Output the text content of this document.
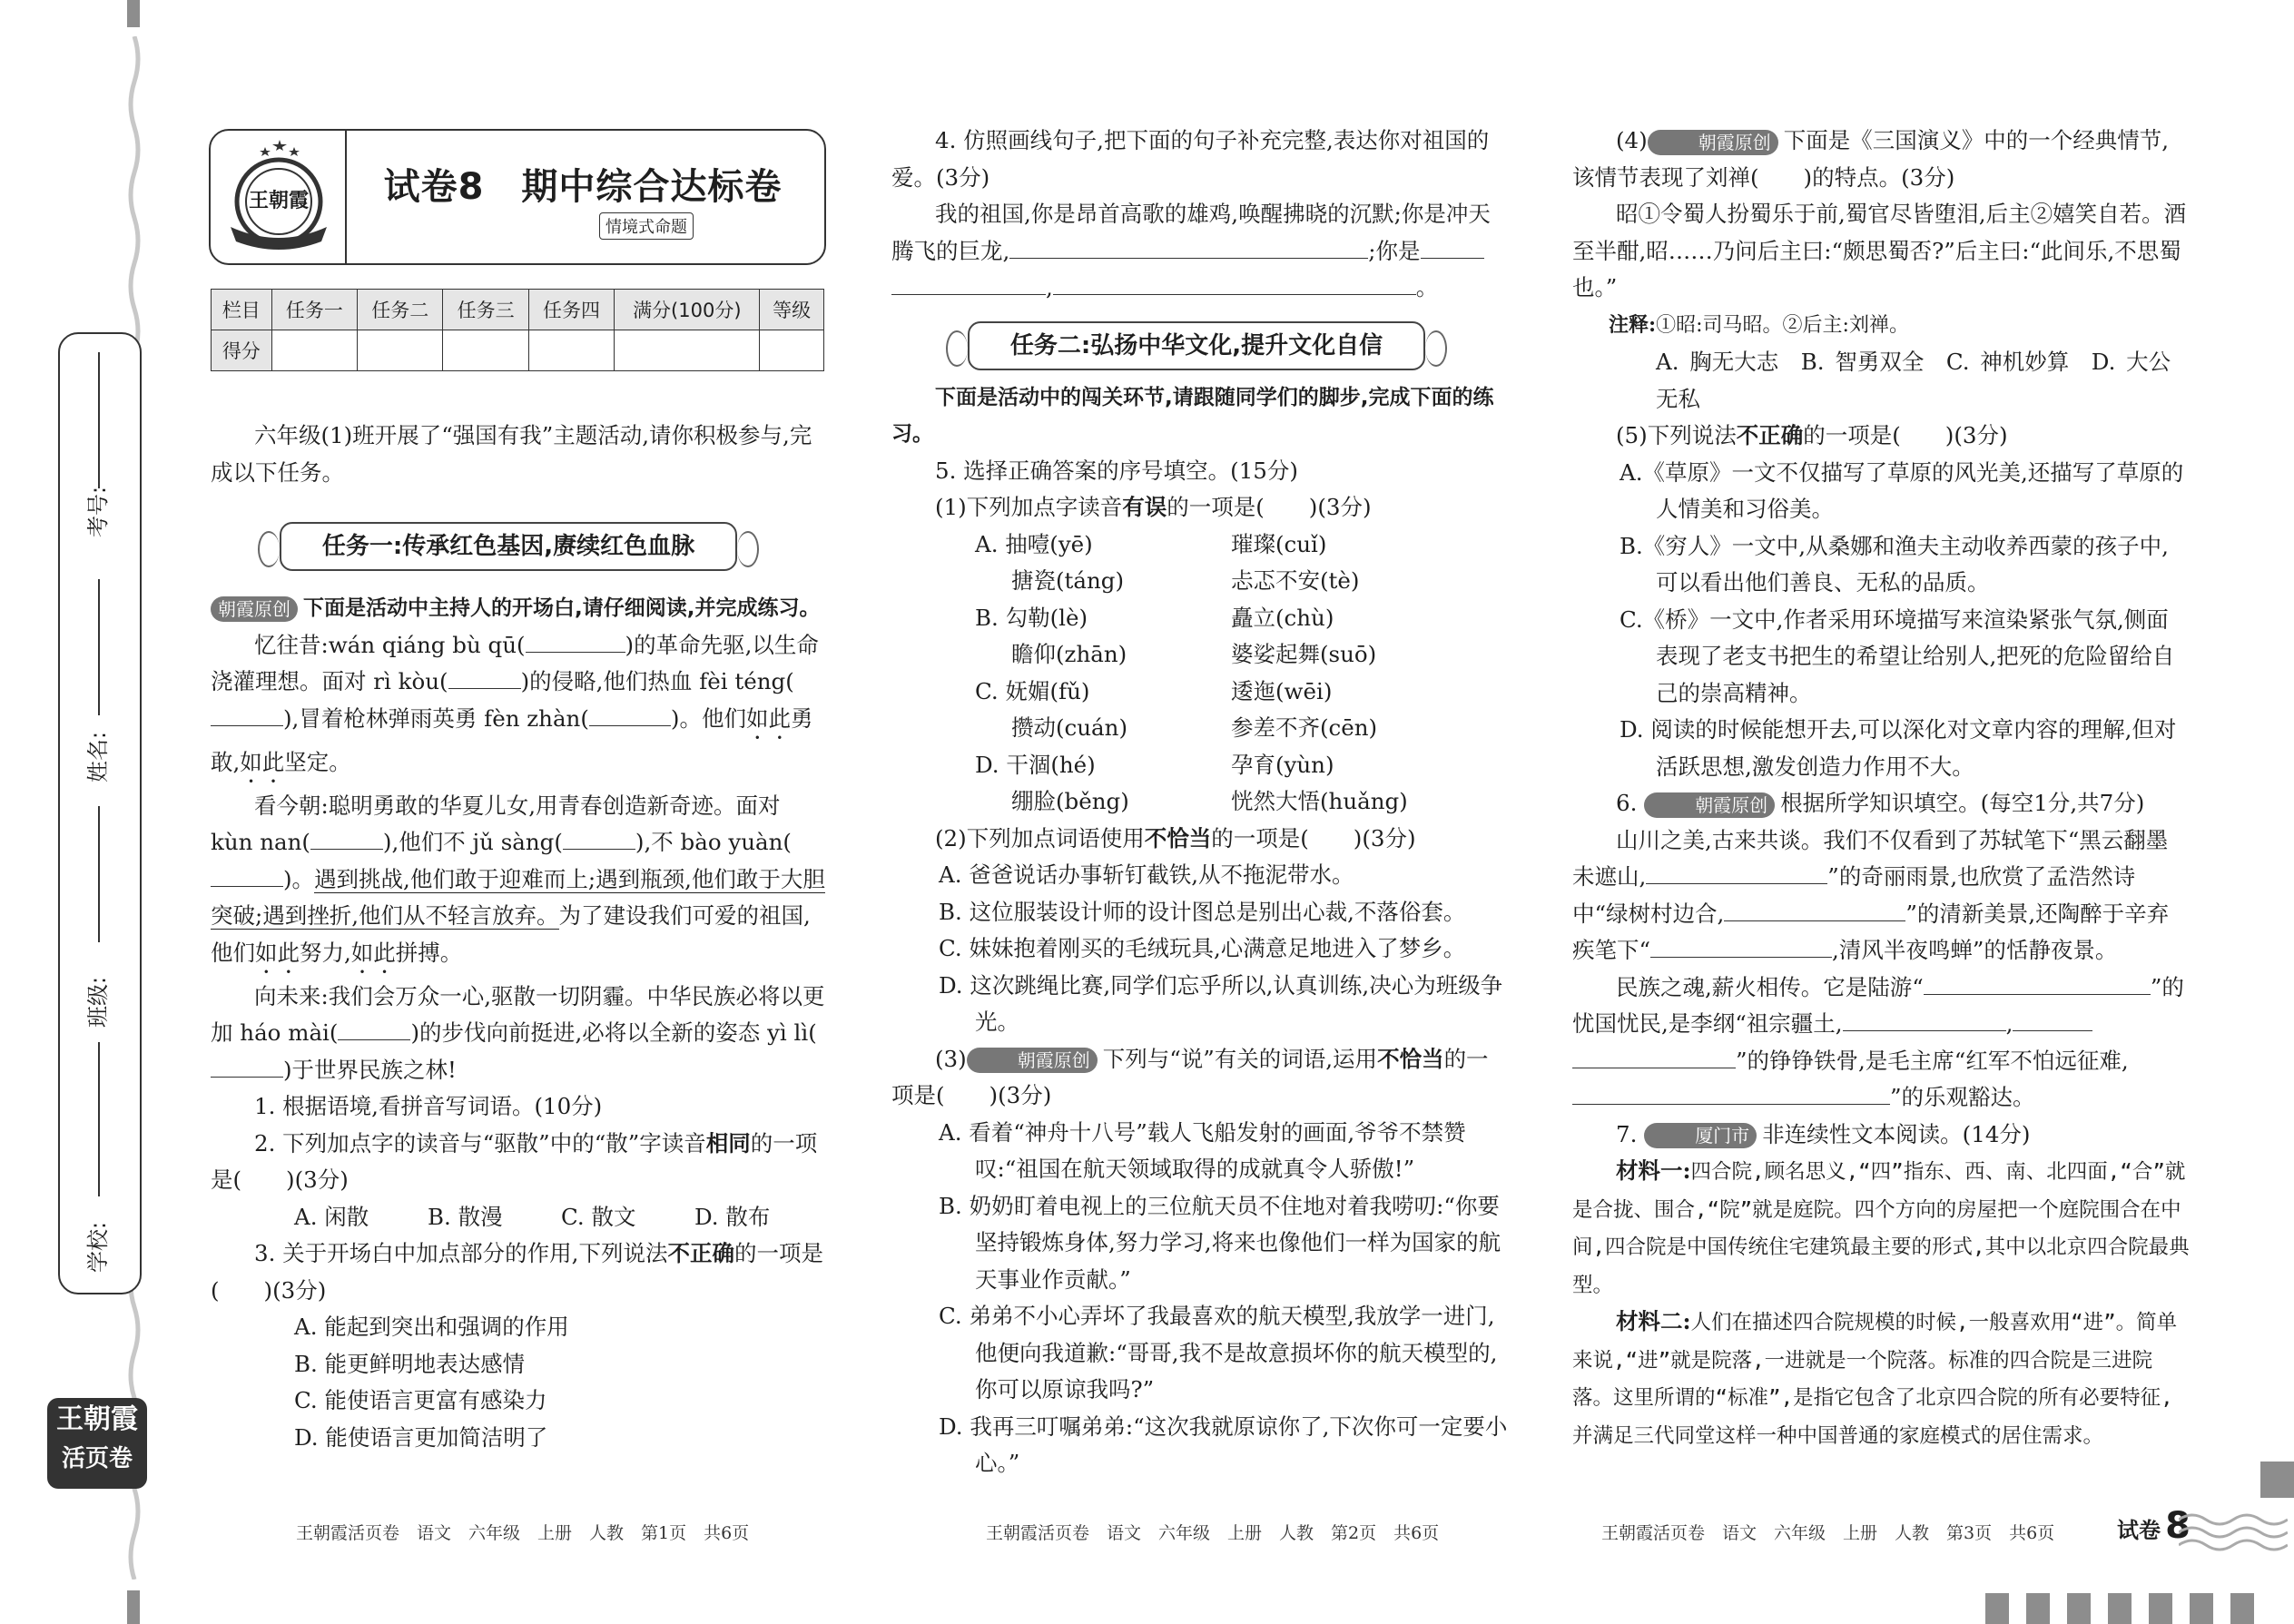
考号:
姓名:
班级:
学校:
王朝霞
活页卷
王朝霞	试卷8　期中综合达标卷
情境式命题
栏目	任务一	任务二	任务三	任务四	满分(100分)	等级
得分						

六年级(1)班开展了“强国有我”主题活动,请你积极参与,完成以下任务。

任务一:传承红色基因,赓续红色血脉

朝霞原创 下面是活动中主持人的开场白,请仔细阅读,并完成练习。

忆往昔:wán qiáng bù qū(	)的革命先驱,以生命浇灌理想。面对 rì kòu(	)的侵略,他们热血 fèi téng(),冒着枪林弹雨英勇 fèn zhàn(	)。他们如此勇敢,如此坚定。

看今朝:聪明勇敢的华夏儿女,用青春创造新奇迹。面对 kùn nan(	),他们不 jǔ sàng(	),不 bào yuàn()。遇到挑战,他们敢于迎难而上;遇到瓶颈,他们敢于大胆突破;遇到挫折,他们从不轻言放弃。为了建设我们可爱的祖国,他们如此努力,如此拼搏。

向未来:我们会万众一心,驱散一切阴霾。中华民族必将以更加 háo mài(	)的步伐向前挺进,必将以全新的姿态 yì lì()于世界民族之林!

1. 根据语境,看拼音写词语。(10分)

2. 下列加点字的读音与“驱散”中的“散”字读音相同的一项是(　　)(3分)

A. 闲散	B. 散漫	C. 散文	D. 散布

3. 关于开场白中加点部分的作用,下列说法不正确的一项是(　　)(3分)

A. 能起到突出和强调的作用

B. 能更鲜明地表达感情

C. 能使语言更富有感染力

D. 能使语言更加简洁明了

王朝霞活页卷　语文　六年级　上册　人教　第1页　共6页

4. 仿照画线句子,把下面的句子补充完整,表达你对祖国的爱。(3分)

我的祖国,你是昂首高歌的雄鸡,唤醒拂晓的沉默;你是冲天腾飞的巨龙,	;你是
,	。

任务二:弘扬中华文化,提升文化自信

下面是活动中的闯关环节,请跟随同学们的脚步,完成下面的练习。

5. 选择正确答案的序号填空。(15分)

(1)下列加点字读音有误的一项是(　　)(3分)

A. 抽噎(yē)	璀璨(cuǐ)

搪瓷(táng)	忐忑不安(tè)

B. 勾勒(lè)	矗立(chù)

瞻仰(zhān)	婆娑起舞(suō)

C. 妩媚(fǔ)	逶迤(wēi)

攒动(cuán)	参差不齐(cēn)

D. 干涸(hé)	孕育(yùn)

绷脸(běng)	恍然大悟(huǎng)

(2)下列加点词语使用不恰当的一项是(　　)(3分)

A. 爸爸说话办事斩钉截铁,从不拖泥带水。

B. 这位服装设计师的设计图总是别出心裁,不落俗套。

C. 妹妹抱着刚买的毛绒玩具,心满意足地进入了梦乡。

D. 这次跳绳比赛,同学们忘乎所以,认真训练,决心为班级争光。

(3)	朝霞原创 下列与“说”有关的词语,运用不恰当的一项是(　　)(3分)

A. 看着“神舟十八号”载人飞船发射的画面,爷爷不禁赞叹:“祖国在航天领域取得的成就真令人骄傲!”

B. 奶奶盯着电视上的三位航天员不住地对着我唠叨:“你要坚持锻炼身体,努力学习,将来也像他们一样为国家的航天事业作贡献。”

C. 弟弟不小心弄坏了我最喜欢的航天模型,我放学一进门,他便向我道歉:“哥哥,我不是故意损坏你的航天模型的,你可以原谅我吗?”

D. 我再三叮嘱弟弟:“这次我就原谅你了,下次你可一定要小心。”

王朝霞活页卷　语文　六年级　上册　人教　第2页　共6页

(4)	朝霞原创 下面是《三国演义》中的一个经典情节,该情节表现了刘禅(　　)的特点。(3分)

昭①令蜀人扮蜀乐于前,蜀官尽皆堕泪,后主②嬉笑自若。酒至半酣,昭……乃问后主曰:“颇思蜀否?”后主曰:“此间乐,不思蜀也。”

注释:①昭:司马昭。②后主:刘禅。

A. 胸无大志　B. 智勇双全　C. 神机妙算　D. 大公无私

(5)下列说法不正确的一项是(　　)(3分)

A.《草原》一文不仅描写了草原的风光美,还描写了草原的人情美和习俗美。

B.《穷人》一文中,从桑娜和渔夫主动收养西蒙的孩子中,可以看出他们善良、无私的品质。

C.《桥》一文中,作者采用环境描写来渲染紧张气氛,侧面表现了老支书把生的希望让给别人,把死的危险留给自己的崇高精神。

D. 阅读的时候能想开去,可以深化对文章内容的理解,但对活跃思想,激发创造力作用不大。

6.	朝霞原创 根据所学知识填空。(每空1分,共7分)

山川之美,古来共谈。我们不仅看到了苏轼笔下“黑云翻墨未遮山,	”的奇丽雨景,也欣赏了孟浩然诗中“绿树村边合,	”的清新美景,还陶醉于辛弃疾笔下“	,清风半夜鸣蝉”的恬静夜景。

民族之魂,薪火相传。它是陆游“	”的忧国忧民,是李纲“祖宗疆土,	,
”的铮铮铁骨,是毛主席“红军不怕远征难,”的乐观豁达。

7.	厦门市 非连续性文本阅读。(14分)

材料一:四合院,顾名思义,“四”指东、西、南、北四面,“合”就是合拢、围合,“院”就是庭院。四个方向的房屋把一个庭院围合在中间,四合院是中国传统住宅建筑最主要的形式,其中以北京四合院最典型。

材料二:人们在描述四合院规模的时候,一般喜欢用“进”。简单来说,“进”就是院落,一进就是一个院落。标准的四合院是三进院落。这里所谓的“标准”,是指它包含了北京四合院的所有必要特征,并满足三代同堂这样一种中国普通的家庭模式的居住需求。

王朝霞活页卷　语文　六年级　上册　人教　第3页　共6页	试卷 8
